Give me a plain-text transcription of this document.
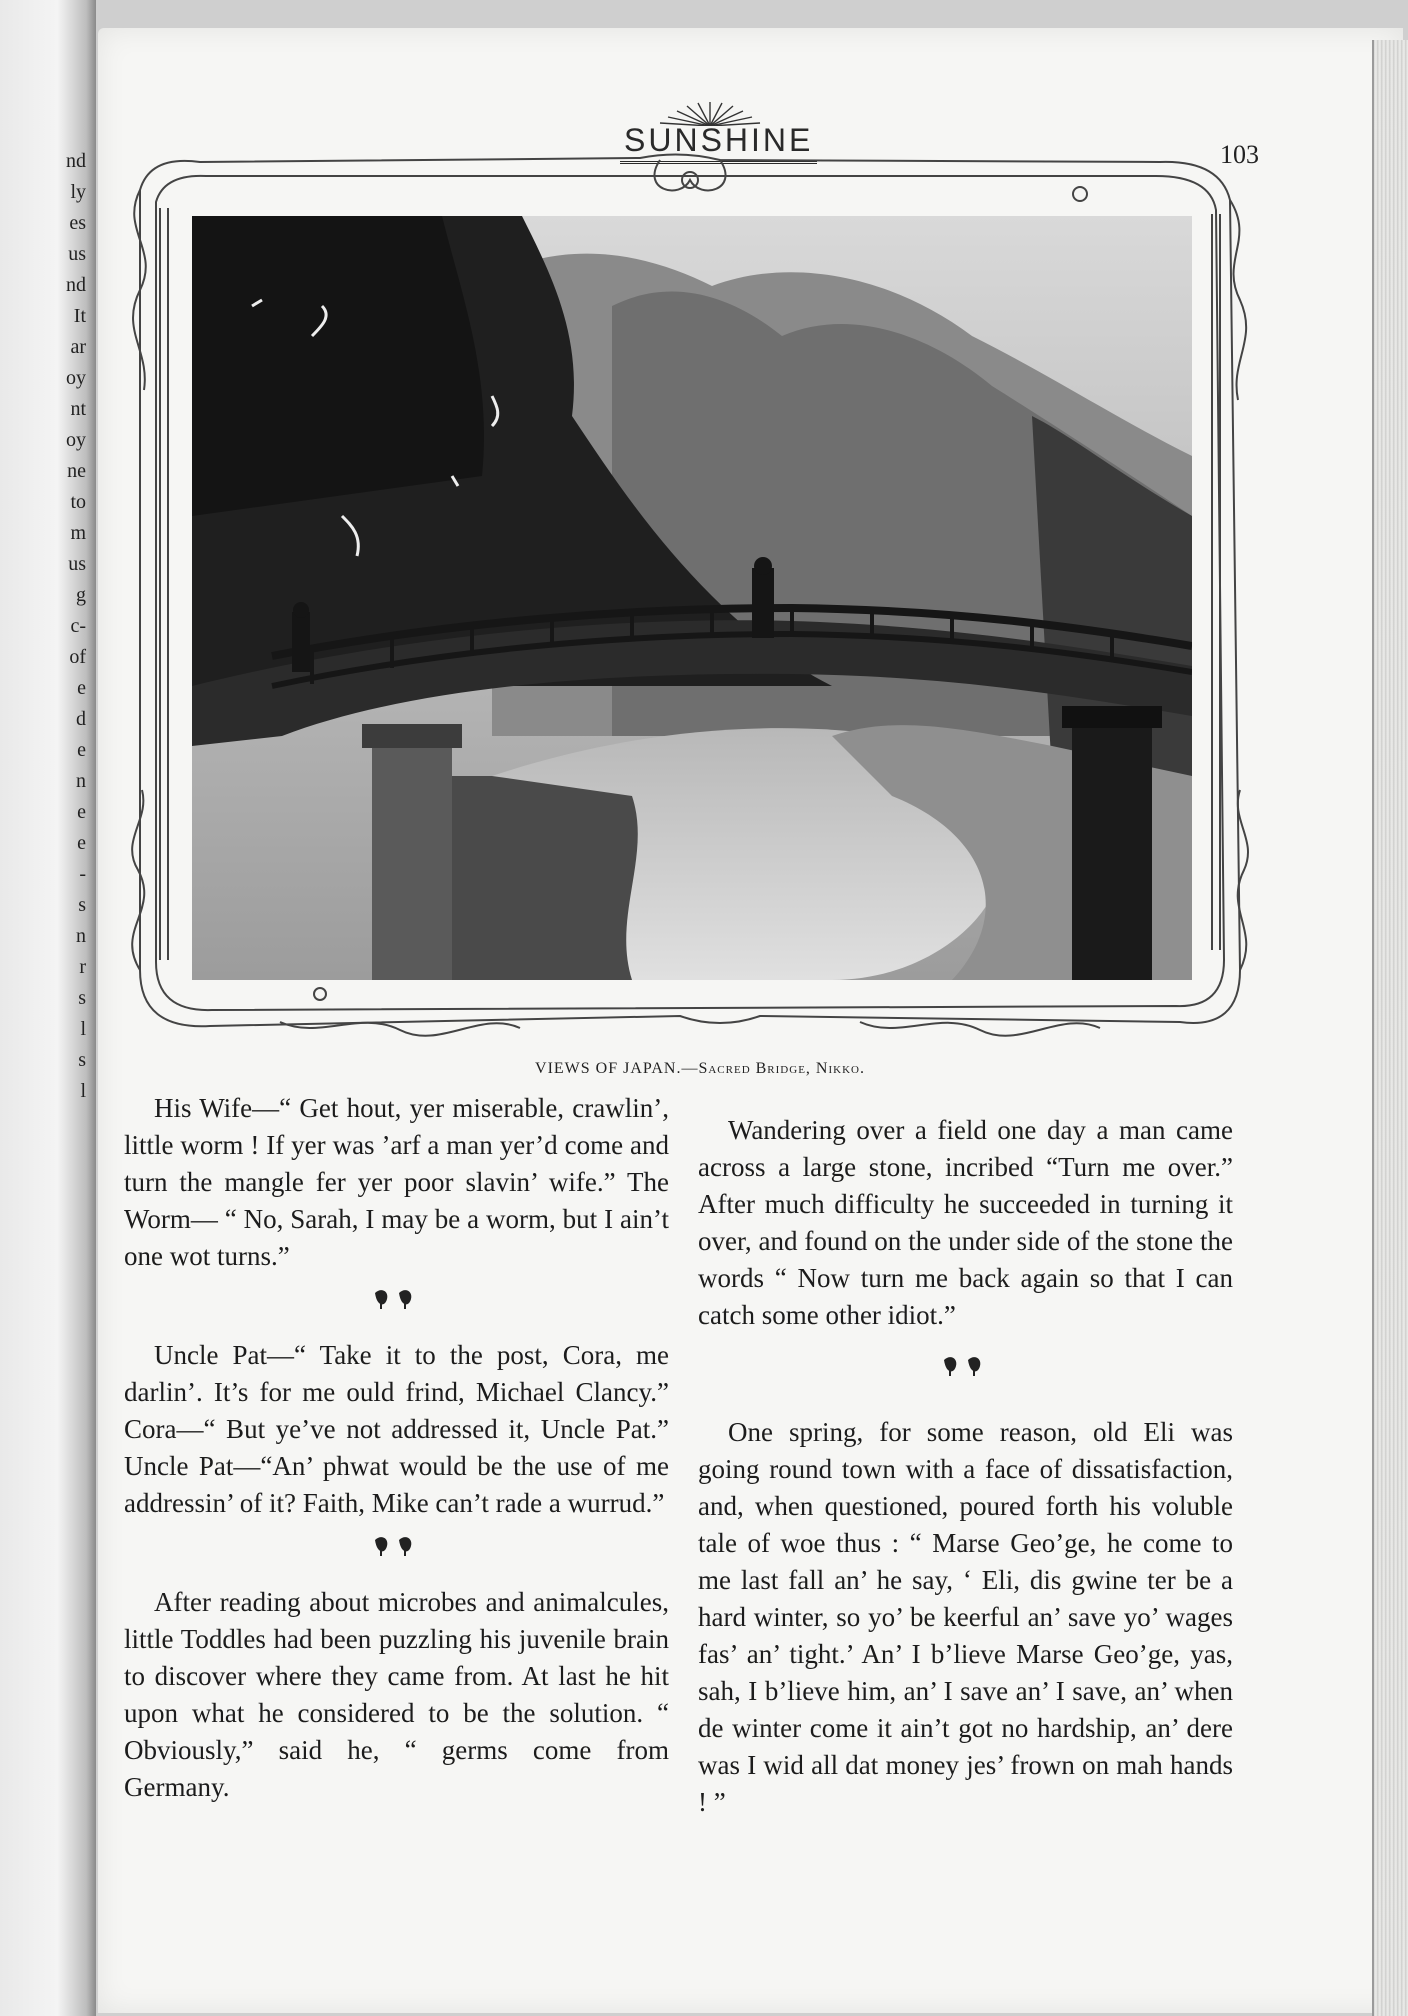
nd
ly
es
us
nd
It
ar
oy
nt
oy
ne
to
m
us
g
c-
of
e
d
e
n
e
e
-
s
n
r
s
l
s
l
SUNSHINE	103
VIEWS OF JAPAN.—Sacred Bridge, Nikko.

His Wife—“ Get hout, yer miserable, crawlin’, little worm ! If yer was ’arf a man yer’d come and turn the mangle fer yer poor slavin’ wife.” The Worm— “ No, Sarah, I may be a worm, but I ain’t one wot turns.”

Uncle Pat—“ Take it to the post, Cora, me darlin’. It’s for me ould frind, Michael Clancy.” Cora—“ But ye’ve not addressed it, Uncle Pat.” Uncle Pat—“An’ phwat would be the use of me addressin’ of it? Faith, Mike can’t rade a wurrud.”

After reading about microbes and animalcules, little Toddles had been puzzling his juvenile brain to discover where they came from. At last he hit upon what he considered to be the solution. “ Obviously,” said he, “ germs come from Germany.

Wandering over a field one day a man came across a large stone, incribed “Turn me over.” After much difficulty he succeeded in turning it over, and found on the under side of the stone the words “ Now turn me back again so that I can catch some other idiot.”

One spring, for some reason, old Eli was going round town with a face of dissatisfaction, and, when questioned, poured forth his voluble tale of woe thus : “ Marse Geo’ge, he come to me last fall an’ he say, ‘ Eli, dis gwine ter be a hard winter, so yo’ be keerful an’ save yo’ wages fas’ an’ tight.’ An’ I b’lieve Marse Geo’ge, yas, sah, I b’lieve him, an’ I save an’ I save, an’ when de winter come it ain’t got no hardship, an’ dere was I wid all dat money jes’ frown on mah hands ! ”
